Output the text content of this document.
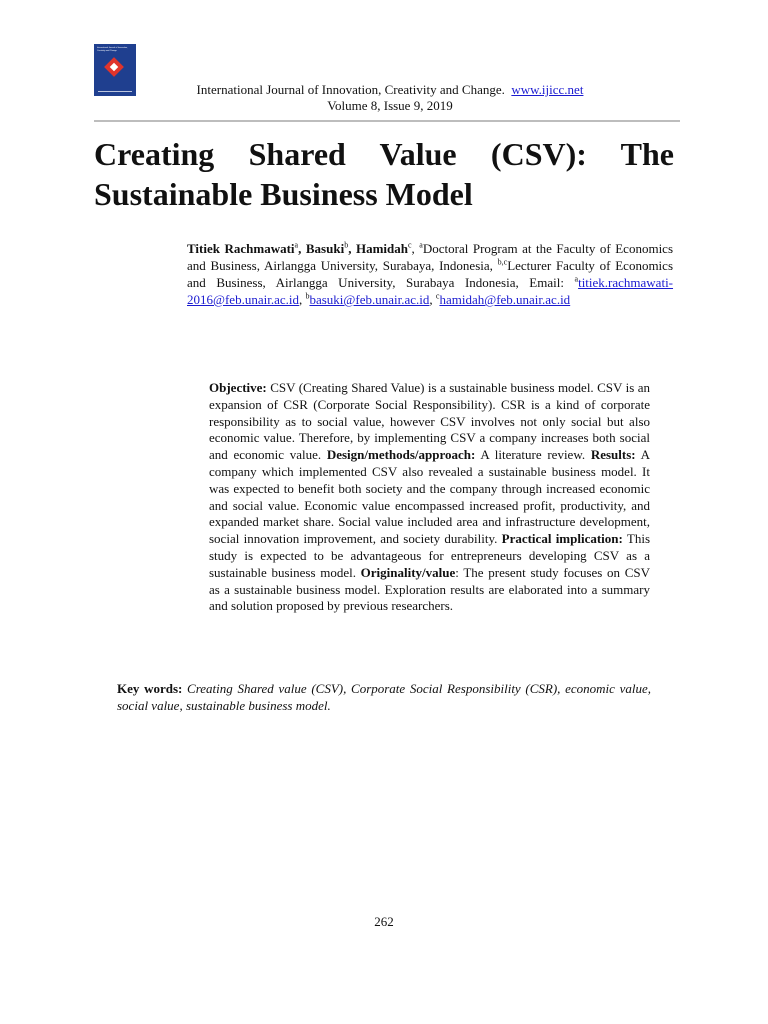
International Journal of Innovation, Creativity and Change
International Journal of Innovation, Creativity and Change. www.ijicc.net
Volume 8, Issue 9, 2019
Creating Shared Value (CSV): The Sustainable Business Model

Titiek Rachmawati$^a$, Basuki$^b$, Hamidah$^c$, $^a$Doctoral Program at the Faculty of Economics and Business, Airlangga University, Surabaya, Indonesia, $^{b,c}$Lecturer Faculty of Economics and Business, Airlangga University, Surabaya Indonesia, Email: $^a$titiek.rachmawati-2016@feb.unair.ac.id, $^b$basuki@feb.unair.ac.id, $^c$hamidah@feb.unair.ac.id

Objective: CSV (Creating Shared Value) is a sustainable business model. CSV is an expansion of CSR (Corporate Social Responsibility). CSR is a kind of corporate responsibility as to social value, however CSV involves not only social but also economic value. Therefore, by implementing CSV a company increases both social and economic value. Design/methods/approach: A literature review. Results: A company which implemented CSV also revealed a sustainable business model. It was expected to benefit both society and the company through increased economic and social value. Economic value encompassed increased profit, productivity, and expanded market share. Social value included area and infrastructure development, social innovation improvement, and society durability. Practical implication: This study is expected to be advantageous for entrepreneurs developing CSV as a sustainable business model. Originality/value: The present study focuses on CSV as a sustainable business model. Exploration results are elaborated into a summary and solution proposed by previous researchers.

Key words: Creating Shared value (CSV), Corporate Social Responsibility (CSR), economic value, social value, sustainable business model.

262
